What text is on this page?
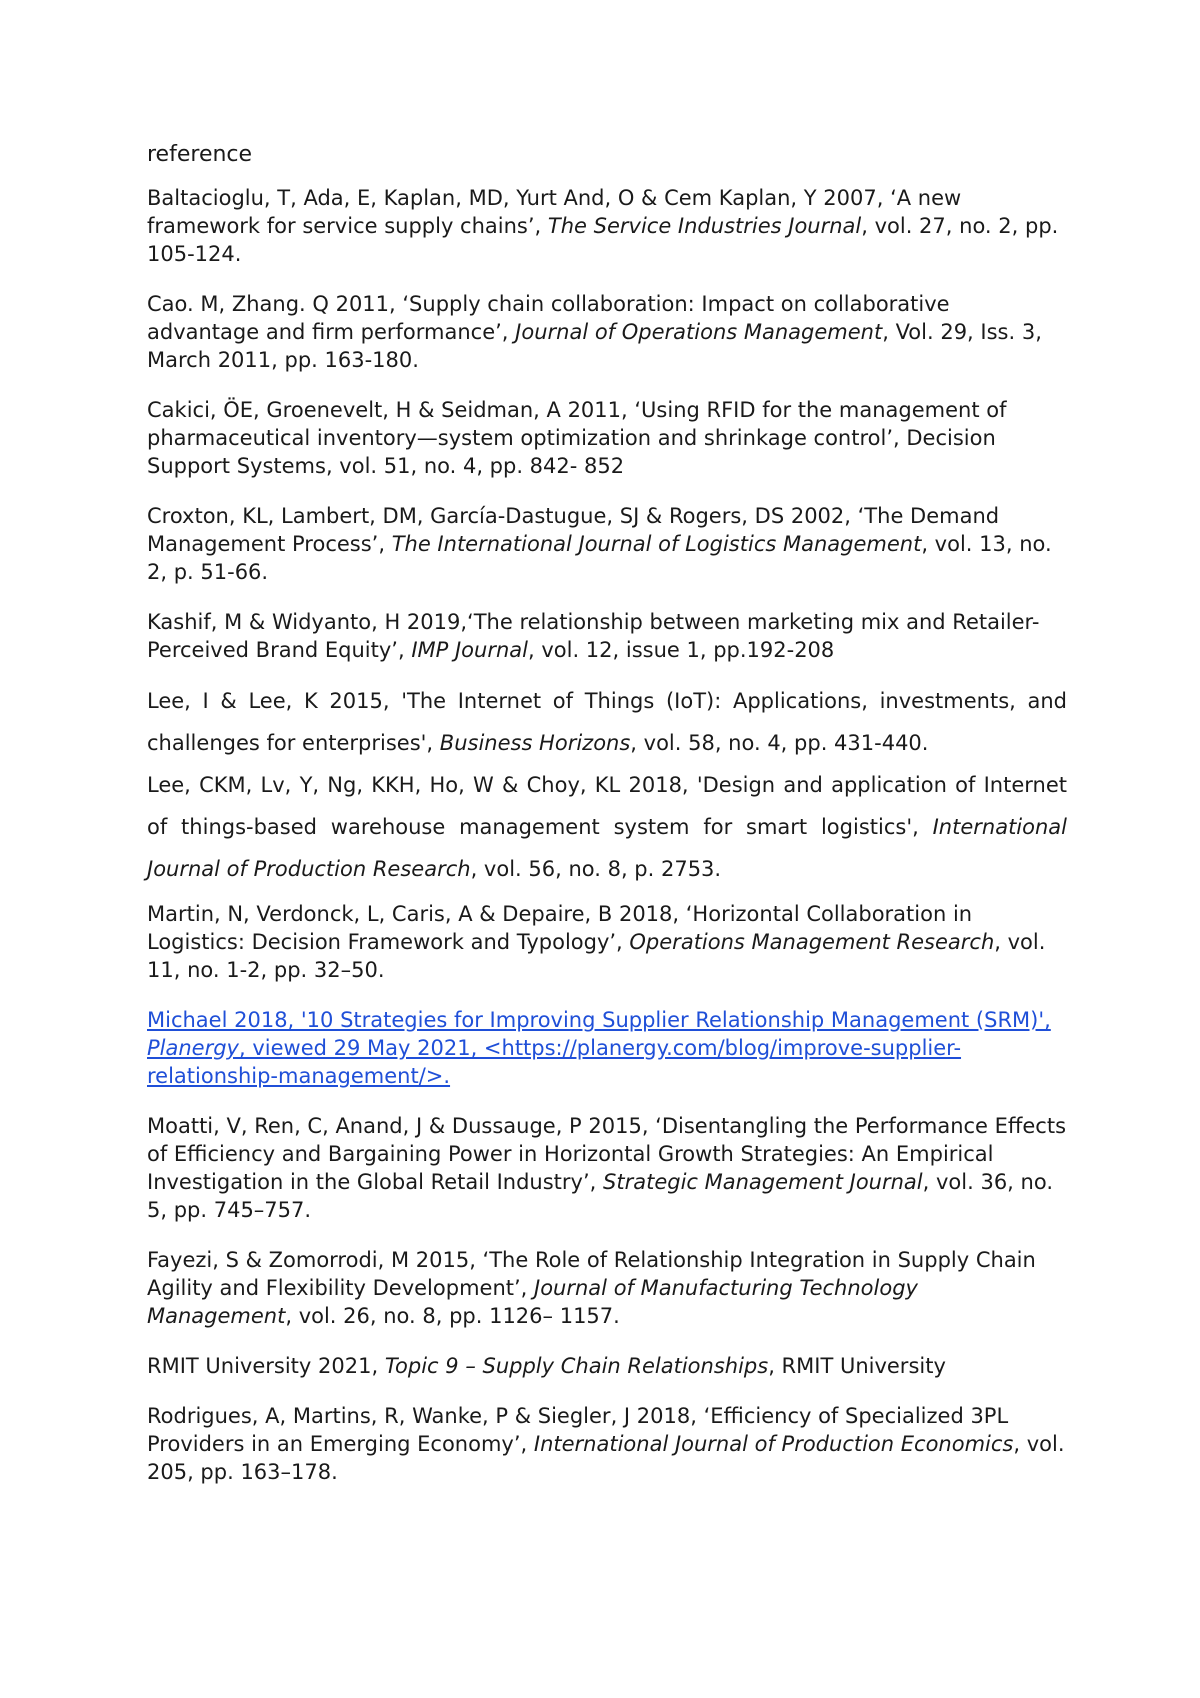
reference

Baltacioglu, T, Ada, E, Kaplan, MD, Yurt And, O & Cem Kaplan, Y 2007, ‘A new framework for service supply chains’, The Service Industries Journal, vol. 27, no. 2, pp. 105-124.

Cao. M, Zhang. Q 2011, ‘Supply chain collaboration: Impact on collaborative advantage and firm performance’, Journal of Operations Management, Vol. 29, Iss. 3, March 2011, pp. 163-180.

Cakici, ÖE, Groenevelt, H & Seidman, A 2011, ‘Using RFID for the management of pharmaceutical inventory—system optimization and shrinkage control’, Decision Support Systems, vol. 51, no. 4, pp. 842- 852

Croxton, KL, Lambert, DM, García-Dastugue, SJ & Rogers, DS 2002, ‘The Demand Management Process’, The International Journal of Logistics Management, vol. 13, no. 2, p. 51-66.

Kashif, M & Widyanto, H 2019,‘The relationship between marketing mix and Retailer-Perceived Brand Equity’, IMP Journal, vol. 12, issue 1, pp.192-208

Lee, I & Lee, K 2015, 'The Internet of Things (IoT): Applications, investments, and challenges for enterprises', Business Horizons, vol. 58, no. 4, pp. 431-440.

Lee, CKM, Lv, Y, Ng, KKH, Ho, W & Choy, KL 2018, 'Design and application of Internet of things-based warehouse management system for smart logistics', International Journal of Production Research, vol. 56, no. 8, p. 2753.

Martin, N, Verdonck, L, Caris, A & Depaire, B 2018, ‘Horizontal Collaboration in Logistics: Decision Framework and Typology’, Operations Management Research, vol. 11, no. 1-2, pp. 32–50.

Michael 2018, '10 Strategies for Improving Supplier Relationship Management (SRM)', Planergy, viewed 29 May 2021, <https://planergy.com/blog/improve-supplier-relationship-management/>.

Moatti, V, Ren, C, Anand, J & Dussauge, P 2015, ‘Disentangling the Performance Effects of Efficiency and Bargaining Power in Horizontal Growth Strategies: An Empirical Investigation in the Global Retail Industry’, Strategic Management Journal, vol. 36, no. 5, pp. 745–757.

Fayezi, S & Zomorrodi, M 2015, ‘The Role of Relationship Integration in Supply Chain Agility and Flexibility Development’, Journal of Manufacturing Technology Management, vol. 26, no. 8, pp. 1126– 1157.

RMIT University 2021, Topic 9 – Supply Chain Relationships, RMIT University

Rodrigues, A, Martins, R, Wanke, P & Siegler, J 2018, ‘Efficiency of Specialized 3PL Providers in an Emerging Economy’, International Journal of Production Economics, vol. 205, pp. 163–178.
